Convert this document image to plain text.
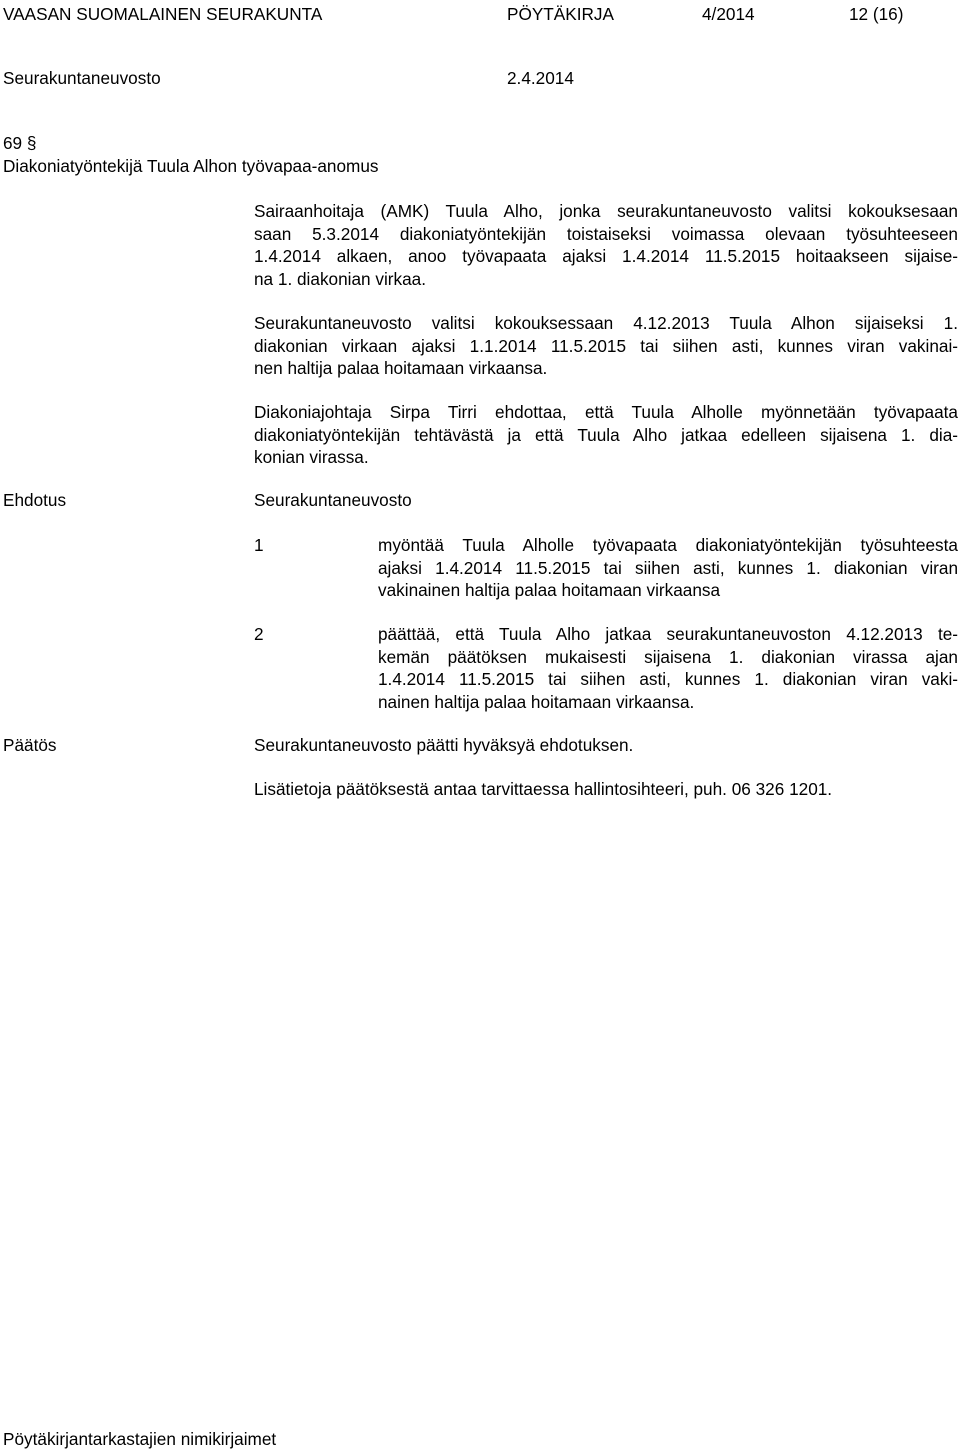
VAASAN SUOMALAINEN SEURAKUNTA	PÖYTÄKIRJA	4/2014	12 (16)
Seurakuntaneuvosto	2.4.2014
69 §
Diakoniatyöntekijä Tuula Alhon työvapaa-anomus
Sairaanhoitaja (AMK) Tuula Alho, jonka seurakuntaneuvosto valitsi kokouksesaan
saan 5.3.2014 diakoniatyöntekijän toistaiseksi voimassa olevaan työsuhteeseen
1.4.2014 alkaen, anoo työvapaata ajaksi 1.4.2014 11.5.2015 hoitaakseen sijaise-
na 1. diakonian virkaa.
Seurakuntaneuvosto valitsi kokouksessaan 4.12.2013 Tuula Alhon sijaiseksi 1.
diakonian virkaan ajaksi 1.1.2014 11.5.2015 tai siihen asti, kunnes viran vakinai-
nen haltija palaa hoitamaan virkaansa.
Diakoniajohtaja Sirpa Tirri ehdottaa, että Tuula Alholle myönnetään työvapaata
diakoniatyöntekijän tehtävästä ja että Tuula Alho jatkaa edelleen sijaisena 1. dia-
konian virassa.
Ehdotus	Seurakuntaneuvosto
1	myöntää Tuula Alholle työvapaata diakoniatyöntekijän työsuhteesta
ajaksi 1.4.2014 11.5.2015 tai siihen asti, kunnes 1. diakonian viran
vakinainen haltija palaa hoitamaan virkaansa
2	päättää, että Tuula Alho jatkaa seurakuntaneuvoston 4.12.2013 te-
kemän päätöksen mukaisesti sijaisena 1. diakonian virassa ajan
1.4.2014 11.5.2015 tai siihen asti, kunnes 1. diakonian viran vaki-
nainen haltija palaa hoitamaan virkaansa.
Päätös	Seurakuntaneuvosto päätti hyväksyä ehdotuksen.
Lisätietoja päätöksestä antaa tarvittaessa hallintosihteeri, puh. 06 326 1201.
Pöytäkirjantarkastajien nimikirjaimet
